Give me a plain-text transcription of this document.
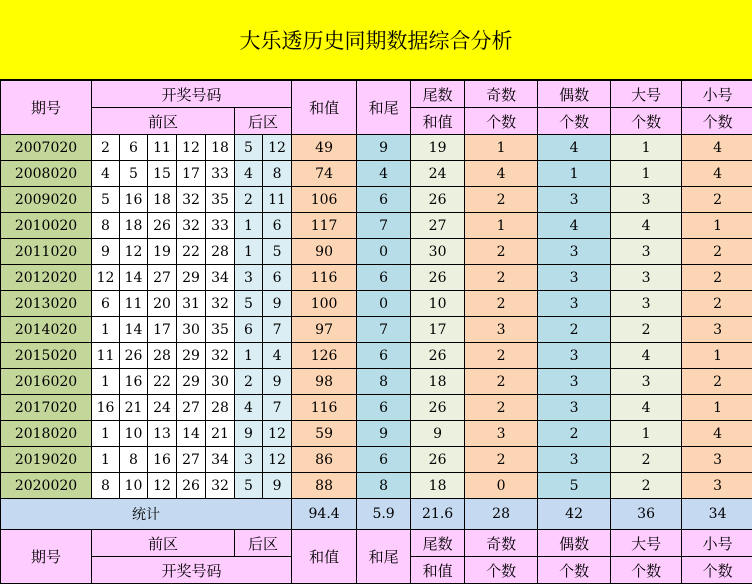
大乐透历史同期数据综合分析
期号	开奖号码							和值	和尾	尾数	奇数	偶数	大号	小号
	前区					后区				和值	个数	个数	个数	个数
2007020	2	6	11	12	18	5	12	49	9	19	1	4	1	4
2008020	4	5	15	17	33	4	8	74	4	24	4	1	1	4
2009020	5	16	18	32	35	2	11	106	6	26	2	3	3	2
2010020	8	18	26	32	33	1	6	117	7	27	1	4	4	1
2011020	9	12	19	22	28	1	5	90	0	30	2	3	3	2
2012020	12	14	27	29	34	3	6	116	6	26	2	3	3	2
2013020	6	11	20	31	32	5	9	100	0	10	2	3	3	2
2014020	1	14	17	30	35	6	7	97	7	17	3	2	2	3
2015020	11	26	28	29	32	1	4	126	6	26	2	3	4	1
2016020	1	16	22	29	30	2	9	98	8	18	2	3	3	2
2017020	16	21	24	27	28	4	7	116	6	26	2	3	4	1
2018020	1	10	13	14	21	9	12	59	9	9	3	2	1	4
2019020	1	8	16	27	34	3	12	86	6	26	2	3	2	3
2020020	8	10	12	26	32	5	9	88	8	18	0	5	2	3
统计								94.4	5.9	21.6	28	42	36	34
期号	前区					后区		和值	和尾	尾数	奇数	偶数	大号	小号
	开奖号码									和值	个数	个数	个数	个数
